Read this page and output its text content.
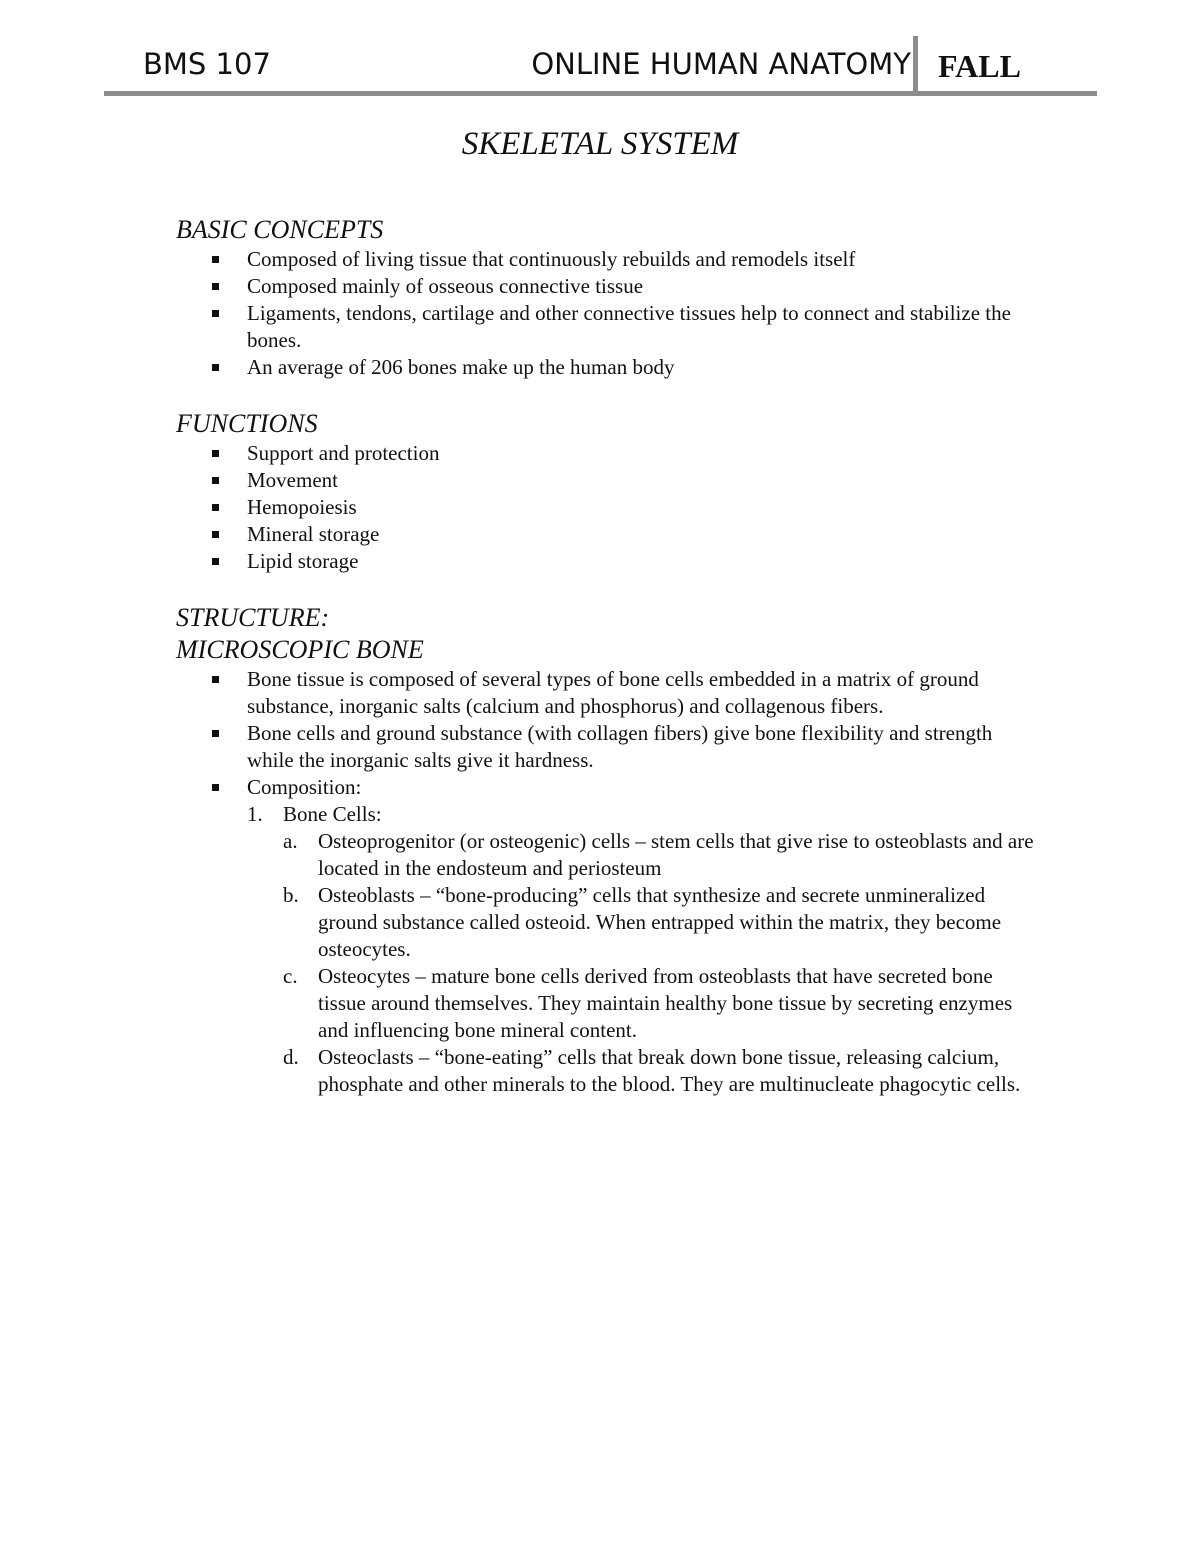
BMS 107	ONLINE HUMAN ANATOMY FALL
SKELETAL SYSTEM
BASIC CONCEPTS
Composed of living tissue that continuously rebuilds and remodels itself
Composed mainly of osseous connective tissue
Ligaments, tendons, cartilage and other connective tissues help to connect and stabilize the bones.
An average of 206 bones make up the human body
FUNCTIONS
Support and protection
Movement
Hemopoiesis
Mineral storage
Lipid storage
STRUCTURE:
MICROSCOPIC BONE
Bone tissue is composed of several types of bone cells embedded in a matrix of ground substance, inorganic salts (calcium and phosphorus) and collagenous fibers.
Bone cells and ground substance (with collagen fibers) give bone flexibility and strength while the inorganic salts give it hardness.
Composition:
1. Bone Cells:
a. Osteoprogenitor (or osteogenic) cells – stem cells that give rise to osteoblasts and are located in the endosteum and periosteum
b. Osteoblasts – “bone-producing” cells that synthesize and secrete unmineralized ground substance called osteoid. When entrapped within the matrix, they become osteocytes.
c. Osteocytes – mature bone cells derived from osteoblasts that have secreted bone tissue around themselves. They maintain healthy bone tissue by secreting enzymes and influencing bone mineral content.
d. Osteoclasts – “bone-eating” cells that break down bone tissue, releasing calcium, phosphate and other minerals to the blood. They are multinucleate phagocytic cells.
